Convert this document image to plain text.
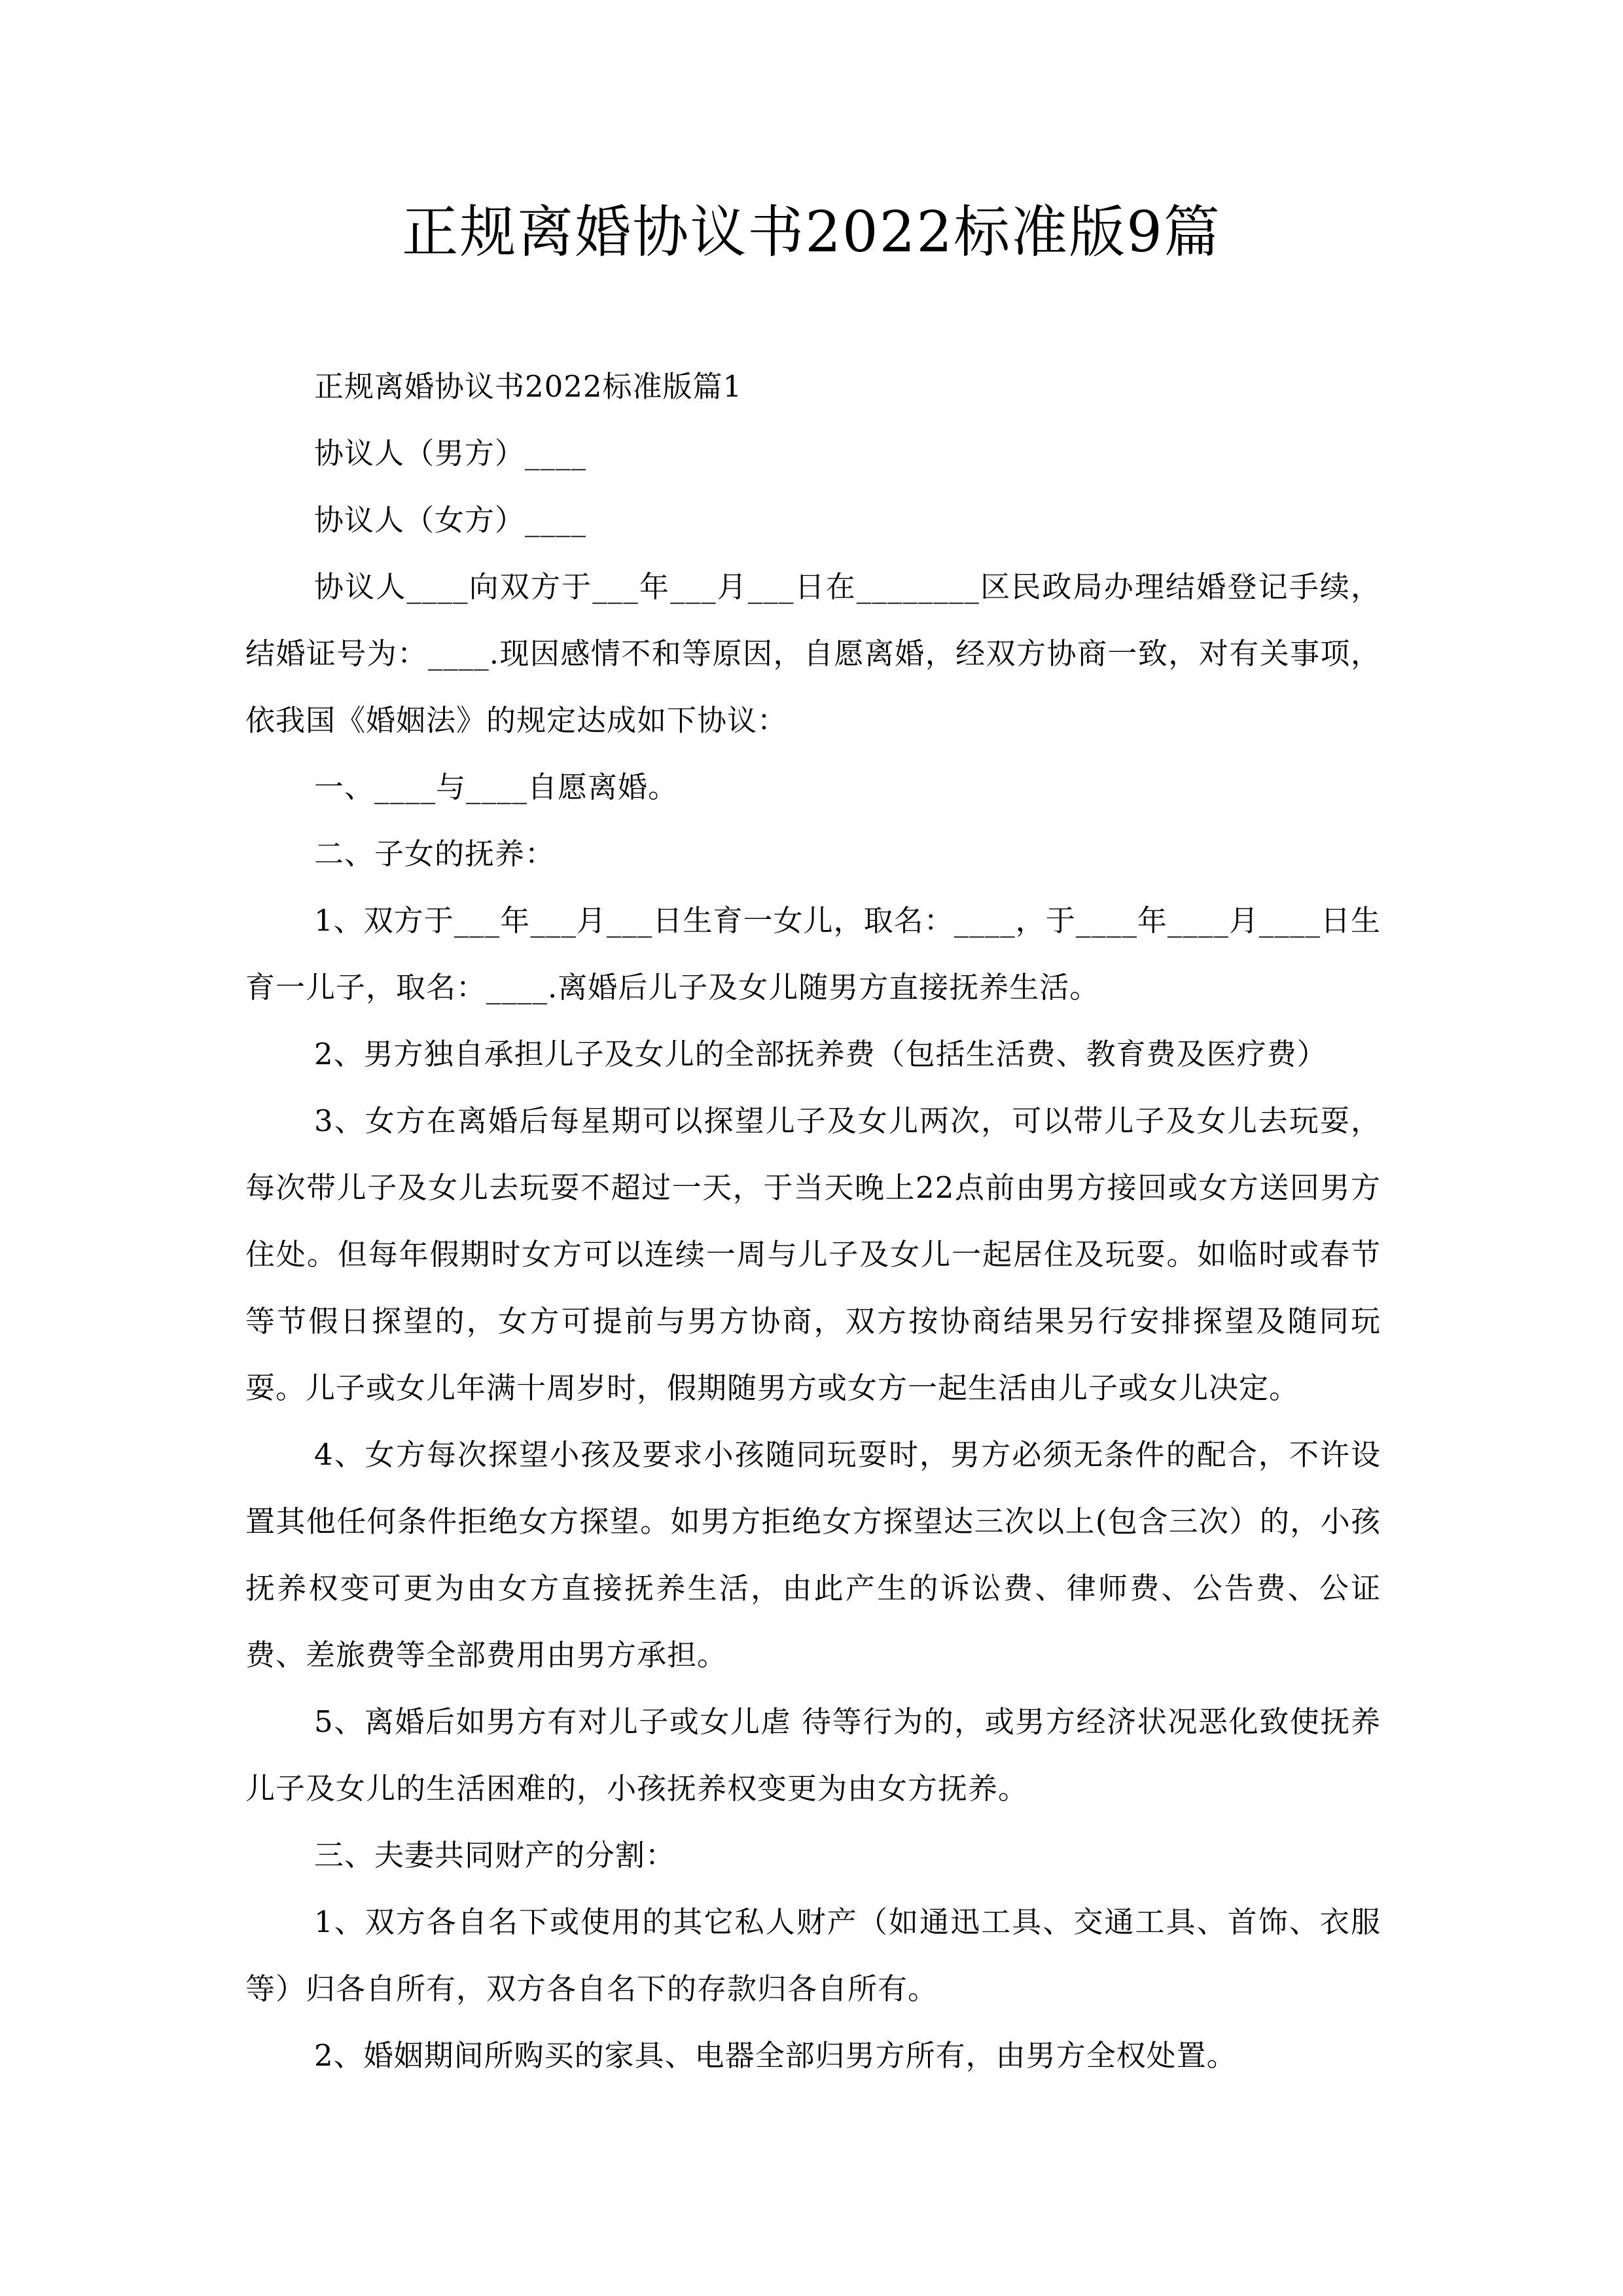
正规离婚协议书2022标准版9篇

正规离婚协议书2022标准版篇1

协议人（男方）____

协议人（女方）____

协议人____向双方于___年___月___日在________区民政局办理结婚登记手续，结婚证号为：____.现因感情不和等原因，自愿离婚，经双方协商一致，对有关事项，依我国《婚姻法》的规定达成如下协议：

一、____与____自愿离婚。

二、子女的抚养：

1、双方于___年___月___日生育一女儿，取名：____，于____年____月____日生育一儿子，取名：____.离婚后儿子及女儿随男方直接抚养生活。

2、男方独自承担儿子及女儿的全部抚养费（包括生活费、教育费及医疗费）

3、女方在离婚后每星期可以探望儿子及女儿两次，可以带儿子及女儿去玩耍，每次带儿子及女儿去玩耍不超过一天，于当天晚上22点前由男方接回或女方送回男方住处。但每年假期时女方可以连续一周与儿子及女儿一起居住及玩耍。如临时或春节等节假日探望的，女方可提前与男方协商，双方按协商结果另行安排探望及随同玩耍。儿子或女儿年满十周岁时，假期随男方或女方一起生活由儿子或女儿决定。

4、女方每次探望小孩及要求小孩随同玩耍时，男方必须无条件的配合，不许设置其他任何条件拒绝女方探望。如男方拒绝女方探望达三次以上(包含三次）的，小孩抚养权变可更为由女方直接抚养生活，由此产生的诉讼费、律师费、公告费、公证费、差旅费等全部费用由男方承担。

5、离婚后如男方有对儿子或女儿虐 待等行为的，或男方经济状况恶化致使抚养儿子及女儿的生活困难的，小孩抚养权变更为由女方抚养。

三、夫妻共同财产的分割：

1、双方各自名下或使用的其它私人财产（如通迅工具、交通工具、首饰、衣服等）归各自所有，双方各自名下的存款归各自所有。

2、婚姻期间所购买的家具、电器全部归男方所有，由男方全权处置。
